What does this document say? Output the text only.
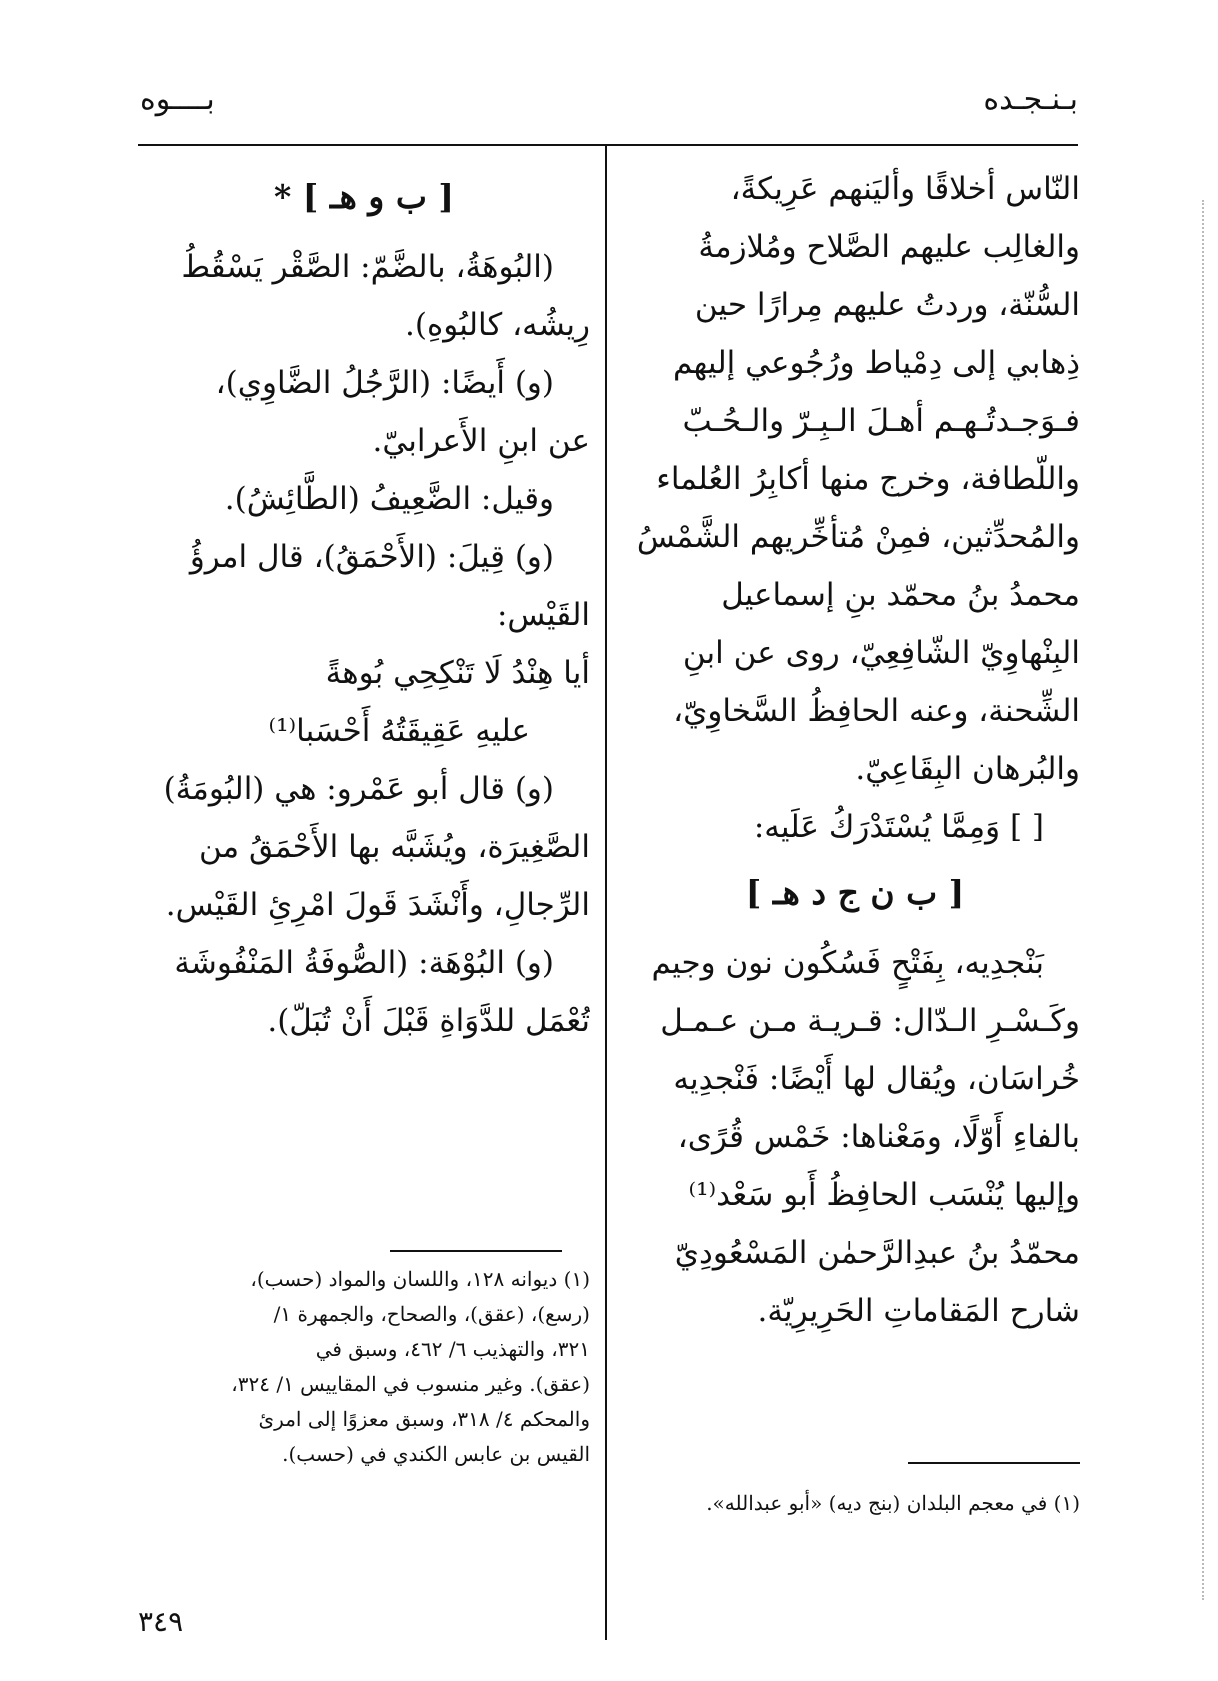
بـنـجـده
بــــوه

النّاس أخلاقًا وأليَنهم عَرِيكةً،

والغالِب عليهم الصَّلاح ومُلازمةُ

السُّنّة، وردتُ عليهم مِرارًا حين

ذِهابي إلى دِمْياط ورُجُوعي إليهم

فـوَجـدتُـهـم أهـلَ الـبِـرّ والـحُـبّ

واللّطافة، وخرج منها أكابِرُ العُلماء

والمُحدِّثين، فمِنْ مُتأخِّريهم الشَّمْسُ

محمدُ بنُ محمّد بنِ إسماعيل

البِنْهاوِيّ الشّافِعِيّ، روى عن ابنِ

الشِّحنة، وعنه الحافِظُ السَّخاوِيّ،

والبُرهان البِقَاعِيّ.

[ ] وَمِمَّا يُسْتَدْرَكُ عَلَيه:

[ ب ن ج د هـ ]

بَنْجدِيه، بِفَتْحٍ فَسُكُون نون وجيم

وكَـسْـرِ الـدّال: قـريـة مـن عـمـل

خُراسَان، ويُقال لها أَيْضًا: فَنْجدِيه

بالفاءِ أَوّلًا، ومَعْناها: خَمْس قُرًى،

وإليها يُنْسَب الحافِظُ أَبو سَعْد⁽¹⁾

محمّدُ بنُ عبدِالرَّحمٰن المَسْعُودِيّ

شارح المَقاماتِ الحَرِيرِيّة.

(١) في معجم البلدان (بنج ديه) «أبو عبدالله».
[ ب و هـ ] *

(البُوهَةُ، بالضَّمّ: الصَّقْر يَسْقُطُ

رِيشُه، كالبُوهِ).

(و) أَيضًا: (الرَّجُلُ الضَّاوِي)،

عن ابنِ الأَعرابيّ.

وقيل: الضَّعِيفُ (الطَّائِشُ).

(و) قِيلَ: (الأَحْمَقُ)، قال امرؤُ

القَيْس:

أيا هِنْدُ لَا تَنْكِحِي بُوهةً
عليهِ عَقِيقَتُهُ أَحْسَبا⁽¹⁾

(و) قال أبو عَمْرو: هي (البُومَةُ)

الصَّغِيرَة، ويُشَبَّه بها الأَحْمَقُ من

الرِّجالِ، وأَنْشَدَ قَولَ امْرِئِ القَيْس.

(و) البُوْهَة: (الصُّوفَةُ المَنْفُوشَة

تُعْمَل للدَّوَاةِ قَبْلَ أَنْ تُبَلّ).

(١) ديوانه ١٢٨، واللسان والمواد (حسب)،
(رسع)، (عقق)، والصحاح، والجمهرة ١/
٣٢١، والتهذيب ٦/ ٤٦٢، وسبق في
(عقق). وغير منسوب في المقاييس ١/ ٣٢٤،
والمحكم ٤/ ٣١٨، وسبق معزوًا إلى امرئ
القيس بن عابس الكندي في (حسب).
٣٤٩
